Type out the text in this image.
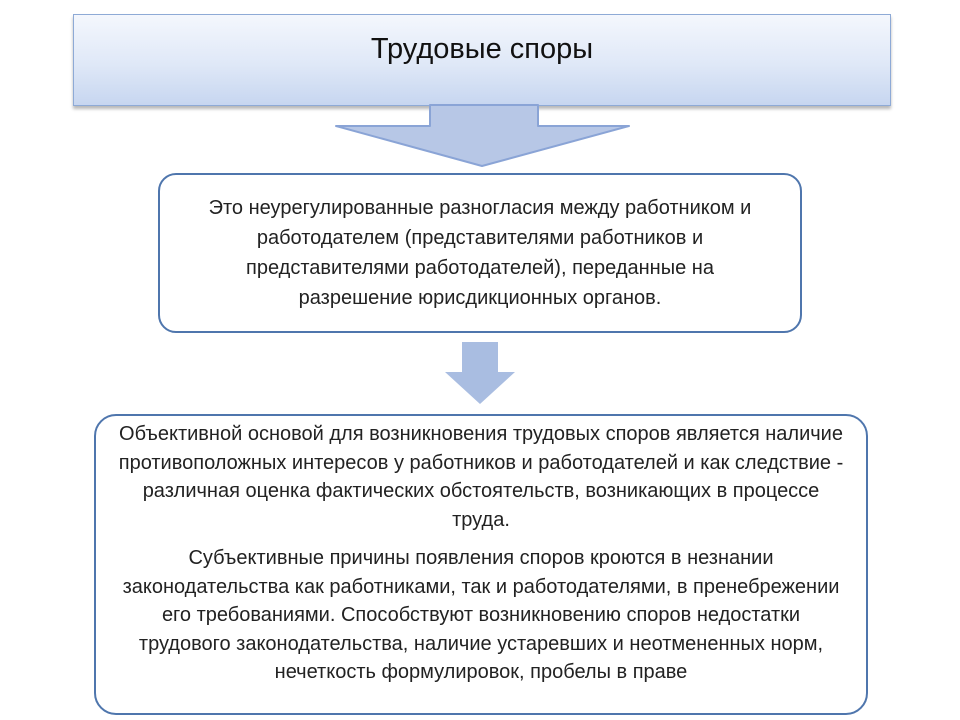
Трудовые споры
Это неурегулированные разногласия между работником и работодателем (представителями работников и представителями работодателей), переданные на разрешение юрисдикционных органов.

Объективной основой для возникновения трудовых споров является наличие противоположных интересов у работников и работодателей и как следствие - различная оценка фактических обстоятельств, возникающих в процессе труда.

Субъективные причины появления споров кроются в незнании законодательства как работниками, так и работодателями, в пренебрежении его требованиями. Способствуют возникновению споров недостатки трудового законодательства, наличие устаревших и неотмененных норм, нечеткость формулировок, пробелы в праве
